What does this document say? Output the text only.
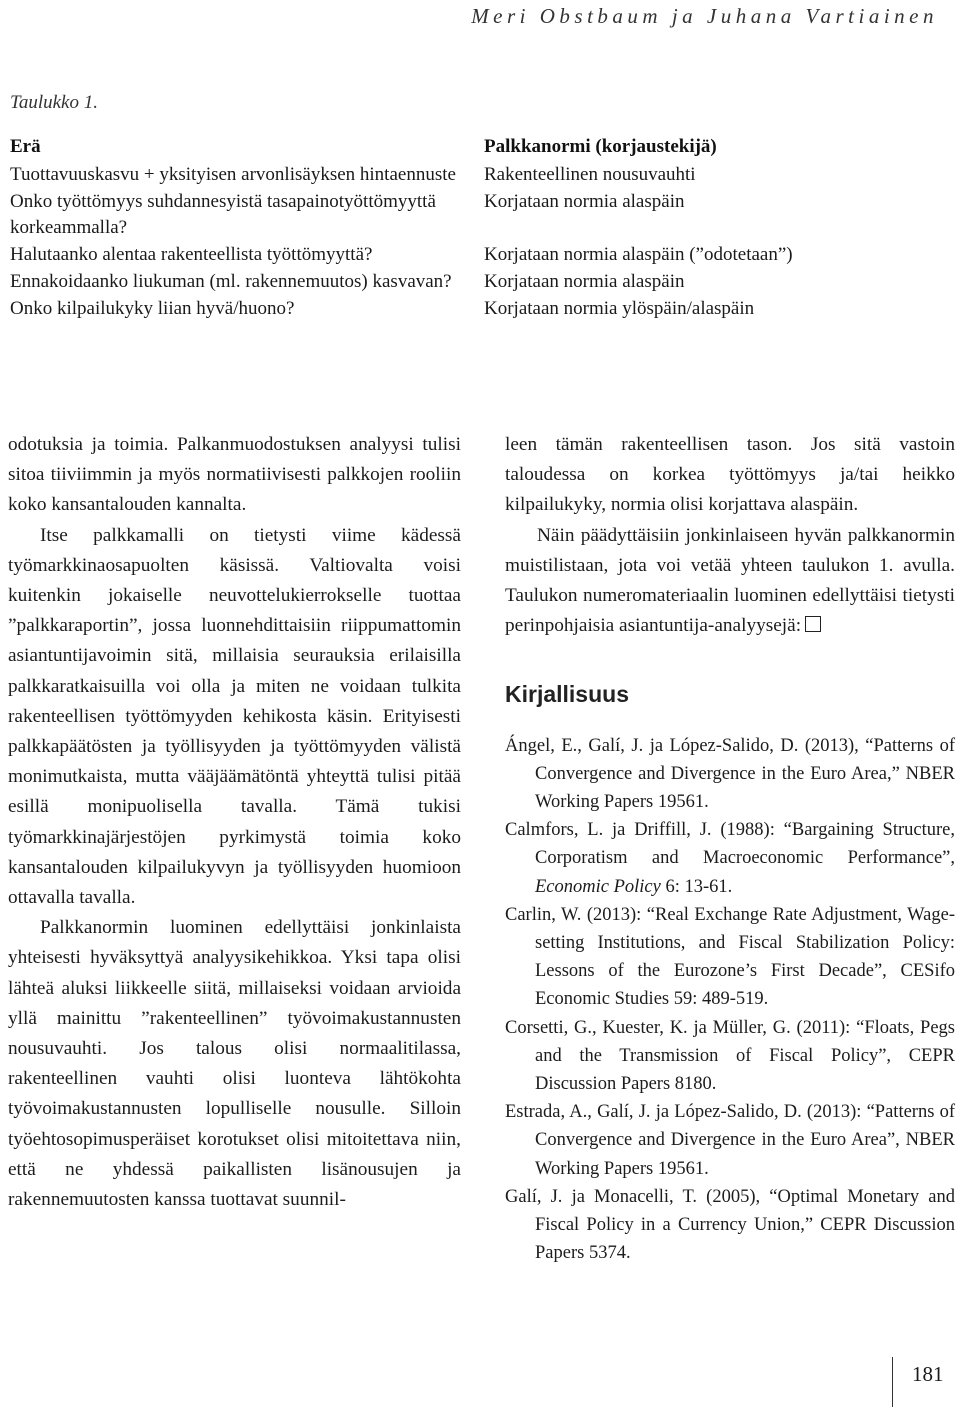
Meri Obstbaum ja Juhana Vartiainen
Taulukko 1.
Erä	Palkkanormi (korjaustekijä)
Tuottavuuskasvu + yksityisen arvonlisäyksen hintaennuste	Rakenteellinen nousuvauhti
Onko työttömyys suhdannesyistä tasapainotyöttömyyttä korkeammalla?	Korjataan normia alaspäin
Halutaanko alentaa rakenteellista työttömyyttä?	Korjataan normia alaspäin (”odotetaan”)
Ennakoidaanko liukuman (ml. rakennemuutos) kasvavan?	Korjataan normia alaspäin
Onko kilpailukyky liian hyvä/huono?	Korjataan normia ylöspäin/alaspäin

odotuksia ja toimia. Palkanmuodostuksen analyysi tulisi sitoa tiiviimmin ja myös normatiivisesti palkkojen rooliin koko kansantalouden kannalta.

Itse palkkamalli on tietysti viime kädessä työmarkkinaosapuolten käsissä. Valtiovalta voisi kuitenkin jokaiselle neuvottelukierrokselle tuottaa ”palkkaraportin”, jossa luonnehdittaisiin riippumattomin asiantuntijavoimin sitä, millaisia seurauksia erilaisilla palkkaratkaisuilla voi olla ja miten ne voidaan tulkita rakenteellisen työttömyyden kehikosta käsin. Erityisesti palkkapäätösten ja työllisyyden ja työttömyyden välistä monimutkaista, mutta vääjäämätöntä yhteyttä tulisi pitää esillä monipuolisella tavalla. Tämä tukisi työmarkkinajärjestöjen pyrkimystä toimia koko kansantalouden kilpailukyvyn ja työllisyyden huomioon ottavalla tavalla.

Palkkanormin luominen edellyttäisi jonkinlaista yhteisesti hyväksyttyä analyysikehikkoa. Yksi tapa olisi lähteä aluksi liikkeelle siitä, millaiseksi voidaan arvioida yllä mainittu ”rakenteellinen” työvoimakustannusten nousuvauhti. Jos talous olisi normaalitilassa, rakenteellinen vauhti olisi luonteva lähtökohta työvoimakustannusten lopulliselle nousulle. Silloin työehtosopimusperäiset korotukset olisi mitoitettava niin, että ne yhdessä paikallisten lisänousujen ja rakennemuutosten kanssa tuottavat suunnil-

leen tämän rakenteellisen tason. Jos sitä vastoin taloudessa on korkea työttömyys ja/tai heikko kilpailukyky, normia olisi korjattava alaspäin.

Näin päädyttäisiin jonkinlaiseen hyvän palkkanormin muistilistaan, jota voi vetää yhteen taulukon 1. avulla. Taulukon numeromateriaalin luominen edellyttäisi tietysti perinpohjaisia asiantuntija-analyysejä:

Kirjallisuus
Ángel, E., Galí, J. ja López-Salido, D. (2013), “Patterns of Convergence and Divergence in the Euro Area,” NBER Working Papers 19561.
Calmfors, L. ja Driffill, J. (1988): “Bargaining Structure, Corporatism and Macroeconomic Performance”, Economic Policy 6: 13-61.
Carlin, W. (2013): “Real Exchange Rate Adjustment, Wage-setting Institutions, and Fiscal Stabilization Policy: Lessons of the Eurozone’s First Decade”, CESifo Economic Studies 59: 489-519.
Corsetti, G., Kuester, K. ja Müller, G. (2011): “Floats, Pegs and the Transmission of Fiscal Policy”, CEPR Discussion Papers 8180.
Estrada, A., Galí, J. ja López-Salido, D. (2013): “Patterns of Convergence and Divergence in the Euro Area”, NBER Working Papers 19561.
Galí, J. ja Monacelli, T. (2005), “Optimal Monetary and Fiscal Policy in a Currency Union,” CEPR Discussion Papers 5374.
181
